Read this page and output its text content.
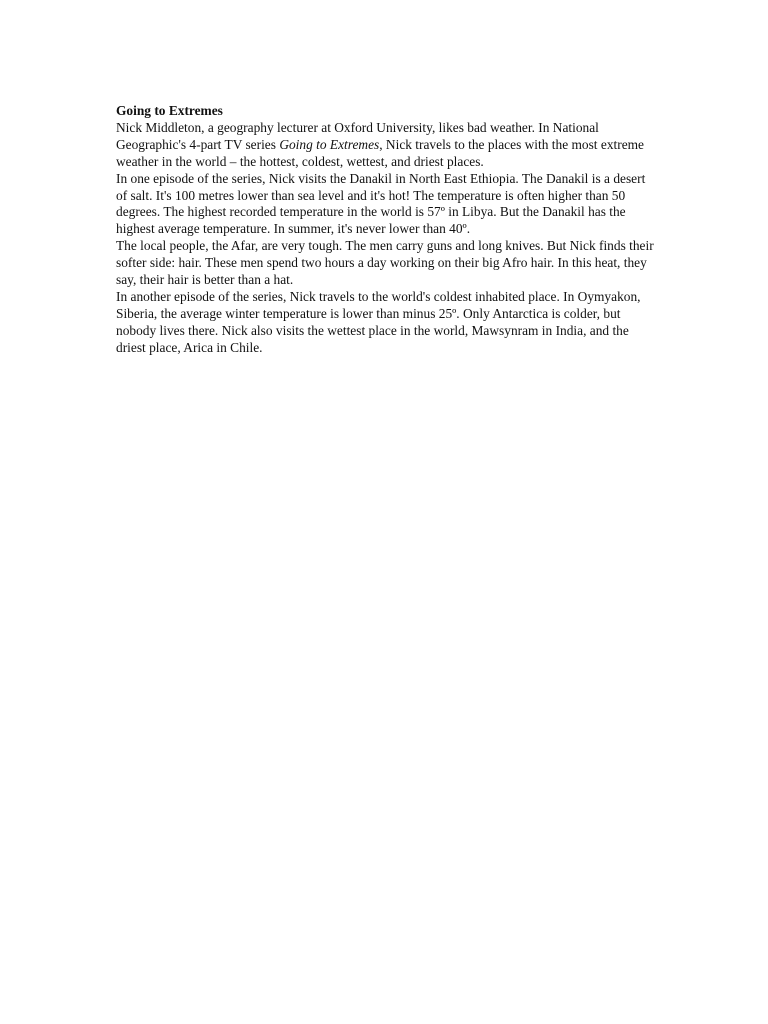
Going to Extremes

Nick Middleton, a geography lecturer at Oxford University, likes bad weather. In National Geographic's 4-part TV series Going to Extremes, Nick travels to the places with the most extreme weather in the world – the hottest, coldest, wettest, and driest places.

In one episode of the series, Nick visits the Danakil in North East Ethiopia. The Danakil is a desert of salt. It's 100 metres lower than sea level and it's hot! The temperature is often higher than 50 degrees. The highest recorded temperature in the world is 57º in Libya. But the Danakil has the highest average temperature. In summer, it's never lower than 40º.

The local people, the Afar, are very tough. The men carry guns and long knives. But Nick finds their softer side: hair. These men spend two hours a day working on their big Afro hair. In this heat, they say, their hair is better than a hat.

In another episode of the series, Nick travels to the world's coldest inhabited place. In Oymyakon, Siberia, the average winter temperature is lower than minus 25º. Only Antarctica is colder, but nobody lives there. Nick also visits the wettest place in the world, Mawsynram in India, and the driest place, Arica in Chile.
